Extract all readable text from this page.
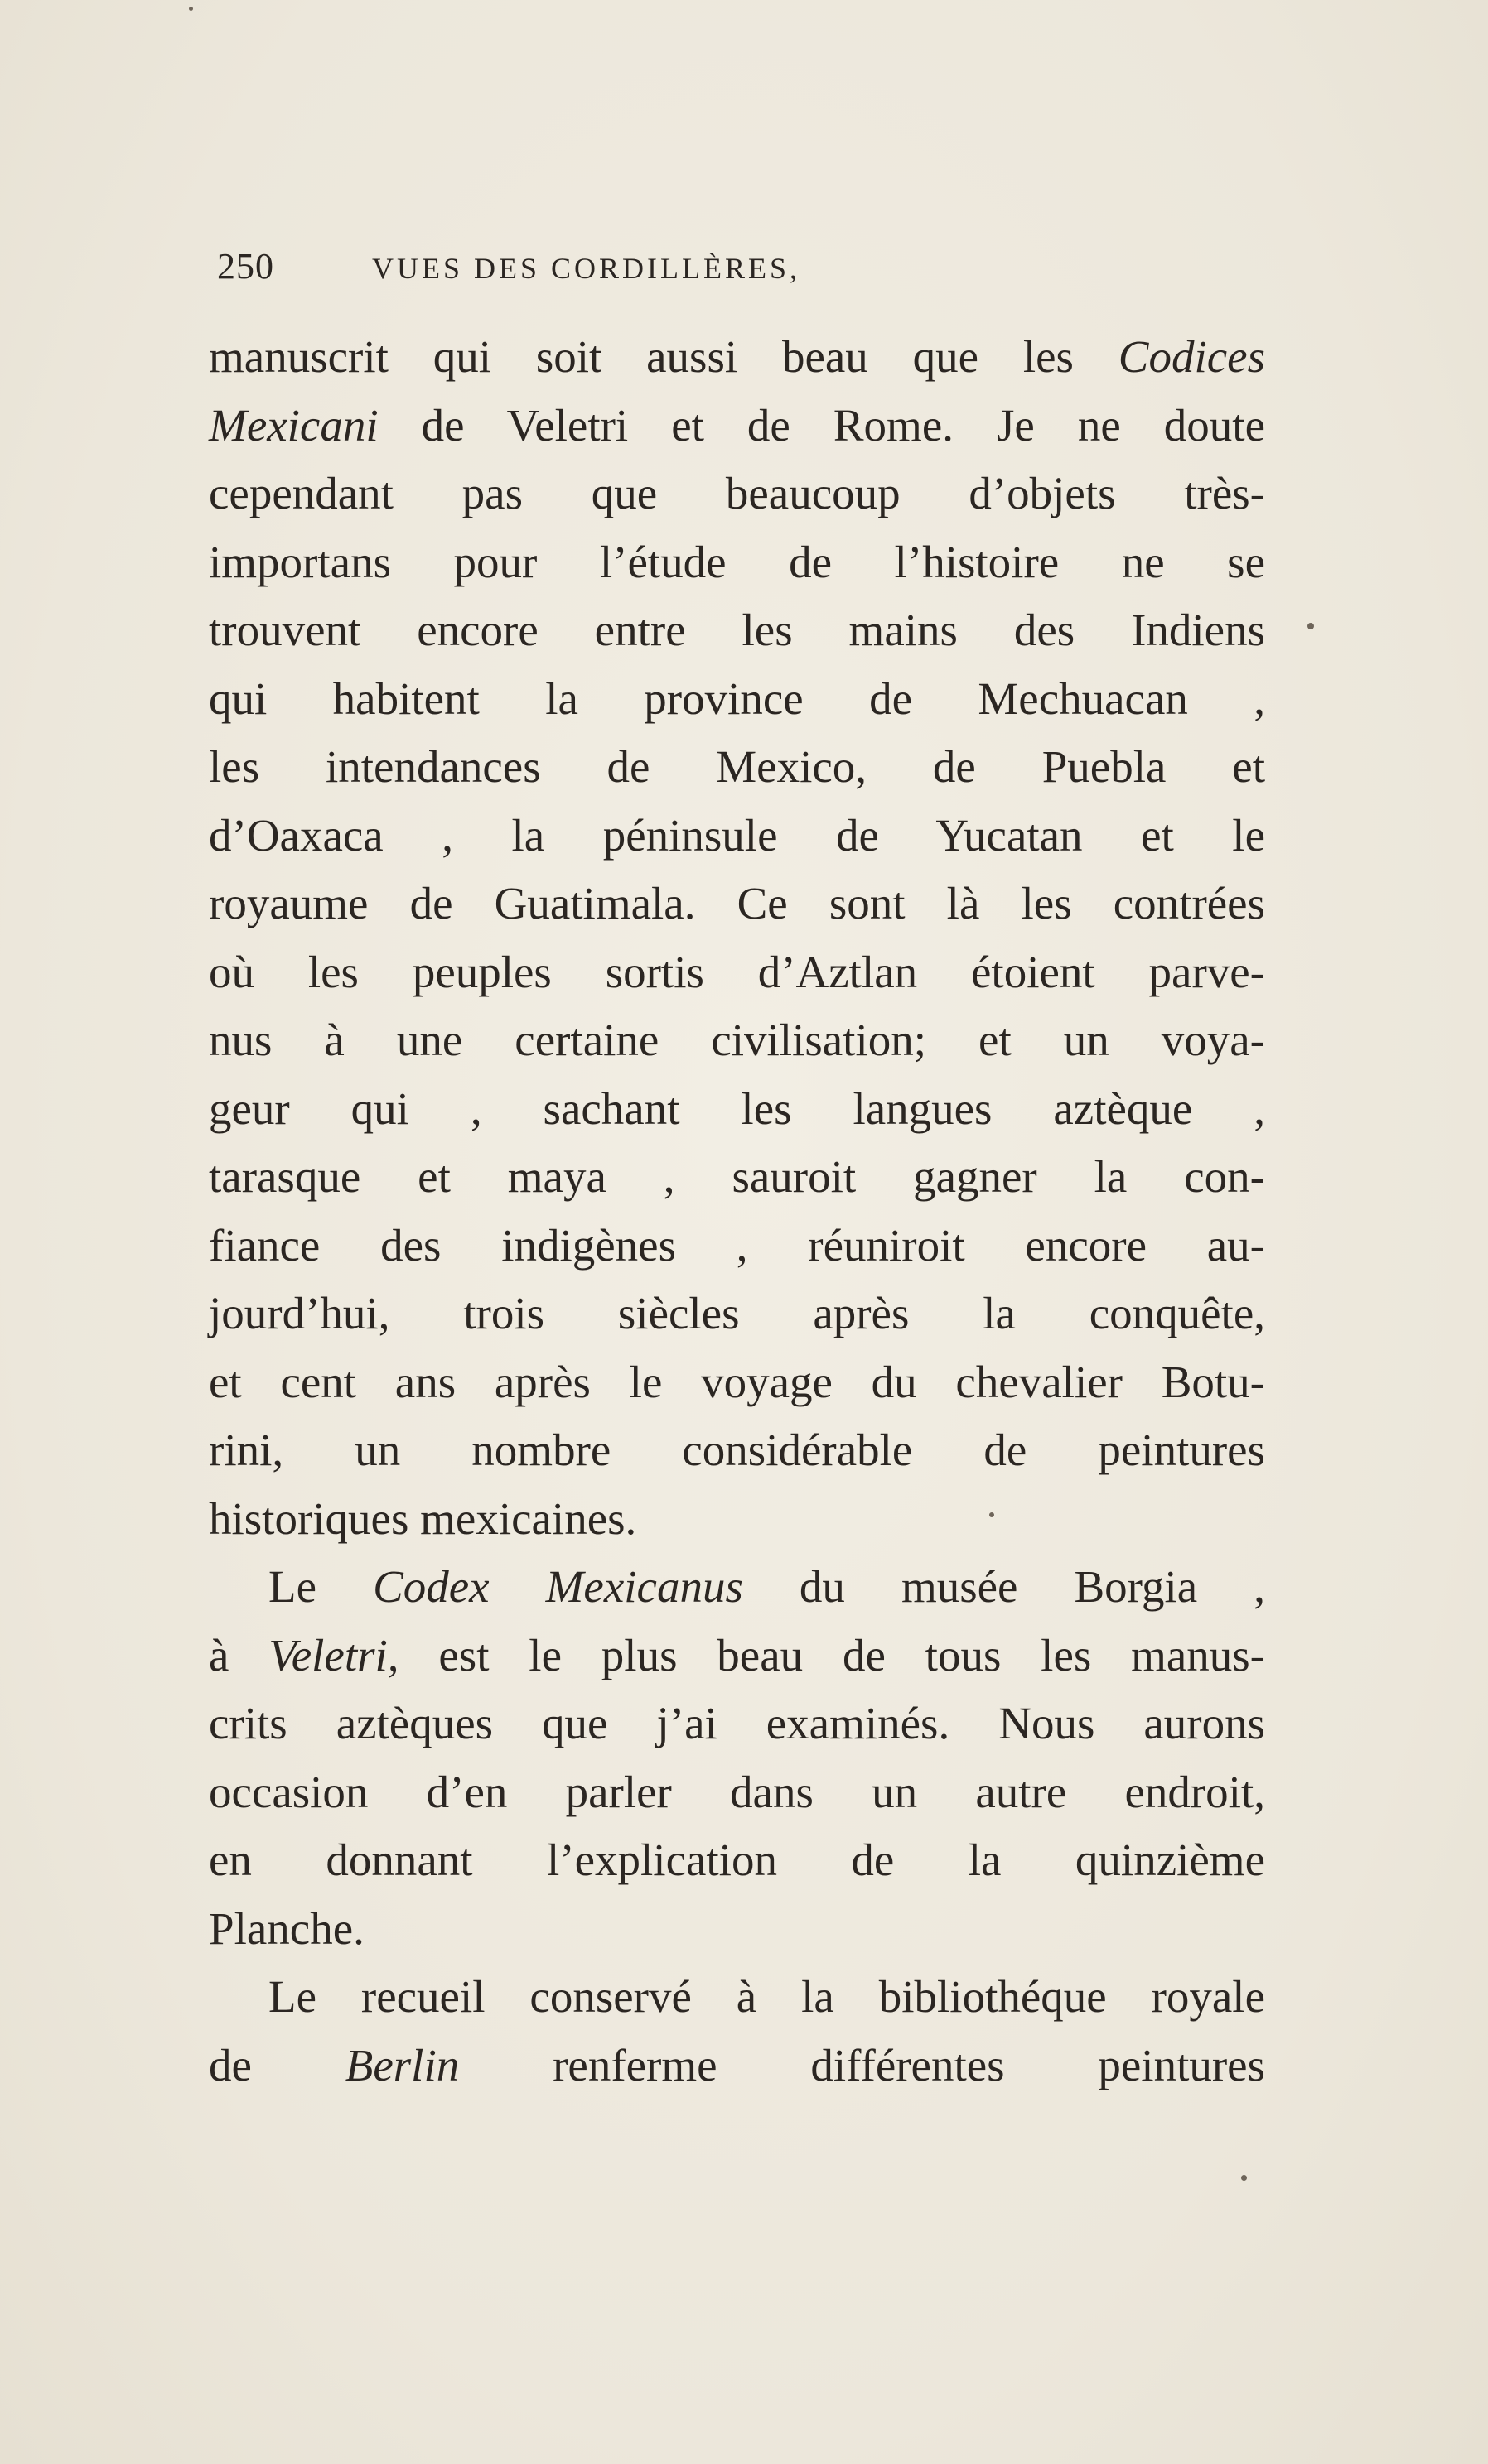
250	VUES DES CORDILLÈRES,
manuscrit qui soit aussi beau que les Codices
Mexicani de Veletri et de Rome. Je ne doute
cependant pas que beaucoup d’objets très-
importans pour l’étude de l’histoire ne se
trouvent encore entre les mains des Indiens
qui habitent la province de Mechuacan ,
les intendances de Mexico, de Puebla et
d’Oaxaca , la péninsule de Yucatan et le
royaume de Guatimala. Ce sont là les contrées
où les peuples sortis d’Aztlan étoient parve-
nus à une certaine civilisation; et un voya-
geur qui , sachant les langues aztèque ,
tarasque et maya , sauroit gagner la con-
fiance des indigènes , réuniroit encore au-
jourd’hui, trois siècles après la conquête,
et cent ans après le voyage du chevalier Botu-
rini, un nombre considérable de peintures
historiques mexicaines.
Le Codex Mexicanus du musée Borgia ,
à Veletri, est le plus beau de tous les manus-
crits aztèques que j’ai examinés. Nous aurons
occasion d’en parler dans un autre endroit,
en donnant l’explication de la quinzième
Planche.
Le recueil conservé à la bibliothéque royale
de Berlin renferme différentes peintures
